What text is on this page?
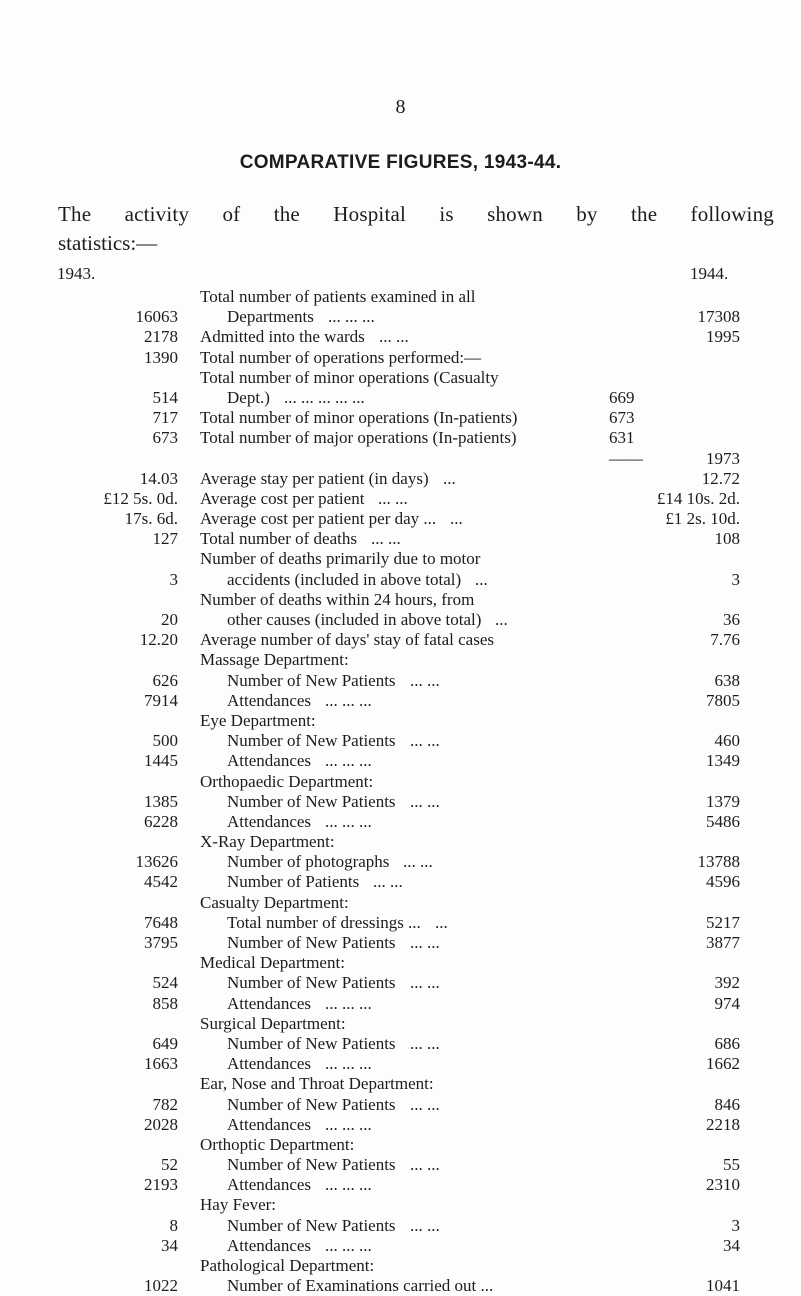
8
COMPARATIVE FIGURES, 1943-44.
The activity of the Hospital is shown by the following
statistics:—
1943.	1944.
Total number of patients examined in all
16063	Departments ... ... ...	17308
2178 Admitted into the wards ... ...	1995
1390 Total number of operations performed:—
Total number of minor operations (Casualty
514	Dept.) ... ... ... ... ...	669
717 Total number of minor operations (In-patients)	673
673 Total number of major operations (In-patients)	631
——	1973
14.03 Average stay per patient (in days) ...	12.72
£12 5s. 0d. Average cost per patient ... ...	£14 10s. 2d.
17s. 6d. Average cost per patient per day ... ...	£1 2s. 10d.
127 Total number of deaths ... ...	108
Number of deaths primarily due to motor
3	accidents (included in above total) ...	3
Number of deaths within 24 hours, from
20	other causes (included in above total) ...	36
12.20 Average number of days' stay of fatal cases	7.76
Massage Department:
626	Number of New Patients ... ...	638
7914	Attendances ... ... ...	7805
Eye Department:
500	Number of New Patients ... ...	460
1445	Attendances ... ... ...	1349
Orthopaedic Department:
1385	Number of New Patients ... ...	1379
6228	Attendances ... ... ...	5486
X-Ray Department:
13626	Number of photographs ... ...	13788
4542	Number of Patients ... ...	4596
Casualty Department:
7648	Total number of dressings ... ...	5217
3795	Number of New Patients ... ...	3877
Medical Department:
524	Number of New Patients ... ...	392
858	Attendances ... ... ...	974
Surgical Department:
649	Number of New Patients ... ...	686
1663	Attendances ... ... ...	1662
Ear, Nose and Throat Department:
782	Number of New Patients ... ...	846
2028	Attendances ... ... ...	2218
Orthoptic Department:
52	Number of New Patients ... ...	55
2193	Attendances ... ... ...	2310
Hay Fever:
8	Number of New Patients ... ...	3
34	Attendances ... ... ...	34
Pathological Department:
1022	Number of Examinations carried out ...	1041
